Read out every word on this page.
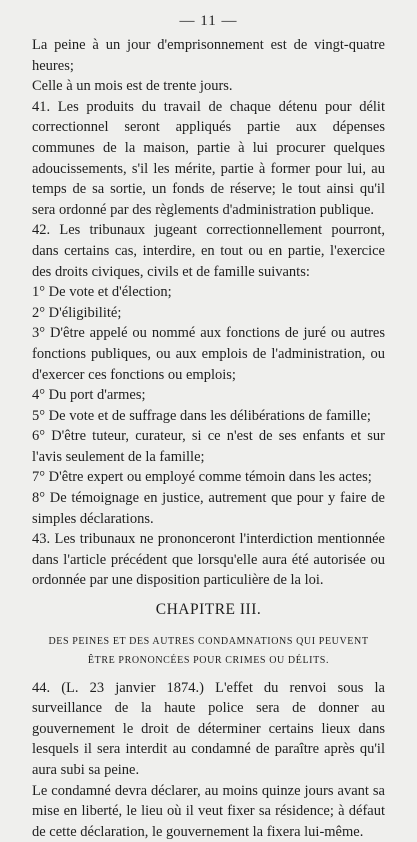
— 11 —

La peine à un jour d'emprisonnement est de vingt-quatre heures;

Celle à un mois est de trente jours.

41. Les produits du travail de chaque détenu pour délit correctionnel seront appliqués partie aux dépenses communes de la maison, partie à lui procurer quelques adoucissements, s'il les mérite, partie à former pour lui, au temps de sa sortie, un fonds de réserve; le tout ainsi qu'il sera ordonné par des règlements d'administration publique.

42. Les tribunaux jugeant correctionnellement pourront, dans certains cas, interdire, en tout ou en partie, l'exercice des droits civiques, civils et de famille suivants:

1° De vote et d'élection;

2° D'éligibilité;

3° D'être appelé ou nommé aux fonctions de juré ou autres fonctions publiques, ou aux emplois de l'administration, ou d'exercer ces fonctions ou emplois;

4° Du port d'armes;

5° De vote et de suffrage dans les délibérations de famille;

6° D'être tuteur, curateur, si ce n'est de ses enfants et sur l'avis seulement de la famille;

7° D'être expert ou employé comme témoin dans les actes;

8° De témoignage en justice, autrement que pour y faire de simples déclarations.

43. Les tribunaux ne prononceront l'interdiction mentionnée dans l'article précédent que lorsqu'elle aura été autorisée ou ordonnée par une disposition particulière de la loi.

CHAPITRE III.
DES PEINES ET DES AUTRES CONDAMNATIONS QUI PEUVENT
ÊTRE PRONONCÉES POUR CRIMES OU DÉLITS.

44. (L. 23 janvier 1874.) L'effet du renvoi sous la surveillance de la haute police sera de donner au gouvernement le droit de déterminer certains lieux dans lesquels il sera interdit au condamné de paraître après qu'il aura subi sa peine.

Le condamné devra déclarer, au moins quinze jours avant sa mise en liberté, le lieu où il veut fixer sa résidence; à défaut de cette déclaration, le gouvernement la fixera lui-même.
